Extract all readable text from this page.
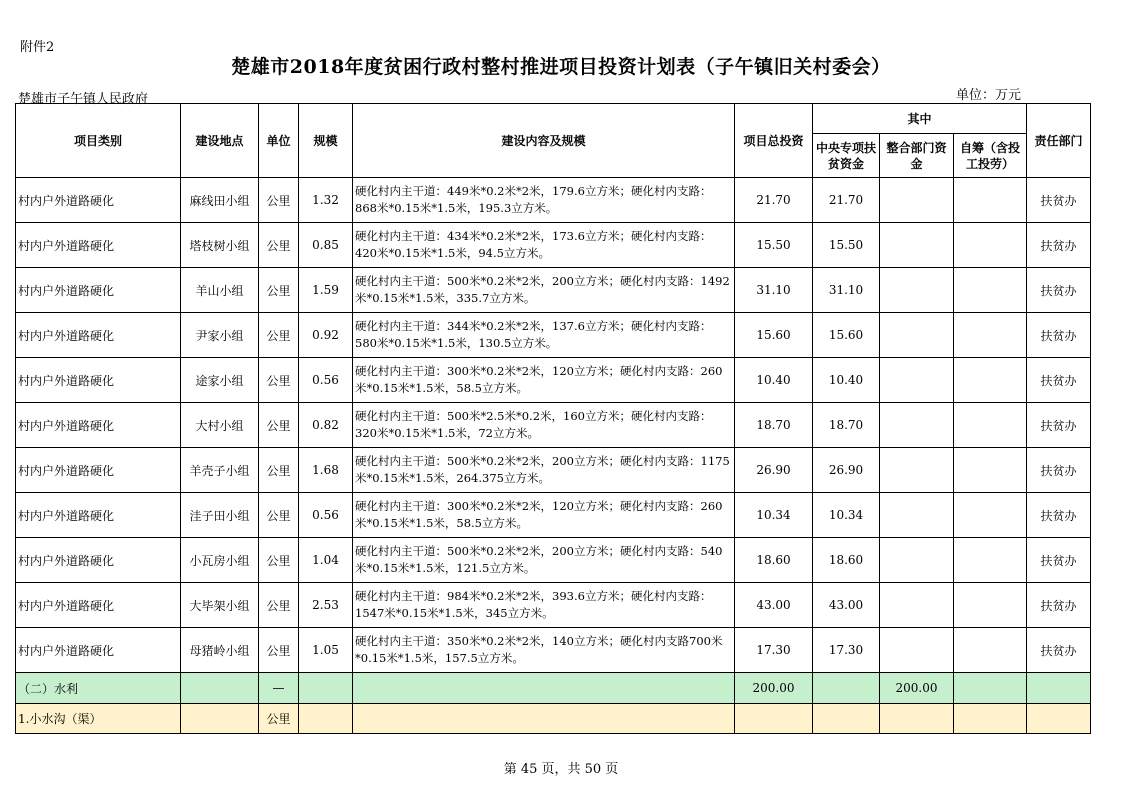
附件2
楚雄市2018年度贫困行政村整村推进项目投资计划表（子午镇旧关村委会）
楚雄市子午镇人民政府	单位：万元
项目类别	建设地点	单位	规模	建设内容及规模	项目总投资	其中			责任部门
						中央专项扶贫资金	整合部门资金	自筹（含投工投劳）	
村内户外道路硬化	麻线田小组	公里	1.32	硬化村内主干道：449米*0.2米*2米，179.6立方米；硬化村内支路：868米*0.15米*1.5米，195.3立方米。	21.70	21.70			扶贫办
村内户外道路硬化	塔枝树小组	公里	0.85	硬化村内主干道：434米*0.2米*2米，173.6立方米；硬化村内支路：420米*0.15米*1.5米，94.5立方米。	15.50	15.50			扶贫办
村内户外道路硬化	羊山小组	公里	1.59	硬化村内主干道：500米*0.2米*2米，200立方米；硬化村内支路：1492米*0.15米*1.5米，335.7立方米。	31.10	31.10			扶贫办
村内户外道路硬化	尹家小组	公里	0.92	硬化村内主干道：344米*0.2米*2米，137.6立方米；硬化村内支路：580米*0.15米*1.5米，130.5立方米。	15.60	15.60			扶贫办
村内户外道路硬化	途家小组	公里	0.56	硬化村内主干道：300米*0.2米*2米，120立方米；硬化村内支路：260米*0.15米*1.5米，58.5立方米。	10.40	10.40			扶贫办
村内户外道路硬化	大村小组	公里	0.82	硬化村内主干道：500米*2.5米*0.2米，160立方米；硬化村内支路：320米*0.15米*1.5米，72立方米。	18.70	18.70			扶贫办
村内户外道路硬化	羊壳子小组	公里	1.68	硬化村内主干道：500米*0.2米*2米，200立方米；硬化村内支路：1175米*0.15米*1.5米，264.375立方米。	26.90	26.90			扶贫办
村内户外道路硬化	洼子田小组	公里	0.56	硬化村内主干道：300米*0.2米*2米，120立方米；硬化村内支路：260米*0.15米*1.5米，58.5立方米。	10.34	10.34			扶贫办
村内户外道路硬化	小瓦房小组	公里	1.04	硬化村内主干道：500米*0.2米*2米，200立方米；硬化村内支路：540米*0.15米*1.5米，121.5立方米。	18.60	18.60			扶贫办
村内户外道路硬化	大毕架小组	公里	2.53	硬化村内主干道：984米*0.2米*2米，393.6立方米；硬化村内支路：1547米*0.15米*1.5米，345立方米。	43.00	43.00			扶贫办
村内户外道路硬化	母猪岭小组	公里	1.05	硬化村内主干道：350米*0.2米*2米，140立方米；硬化村内支路700米*0.15米*1.5米，157.5立方米。	17.30	17.30			扶贫办
（二）水利		—			200.00		200.00		
1.小水沟（渠）		公里							
第 45 页，共 50 页
